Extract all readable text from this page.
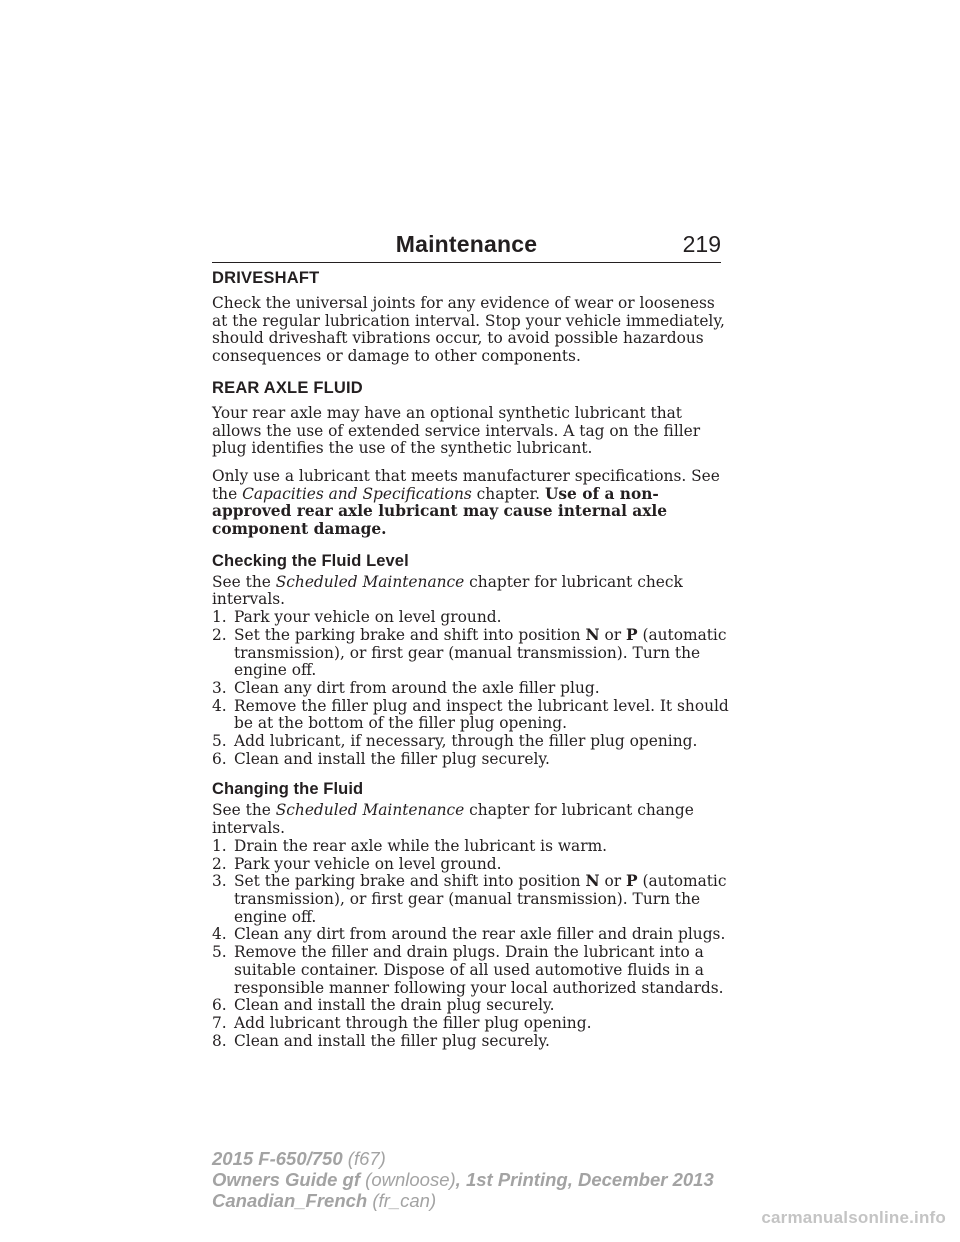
Maintenance	219
DRIVESHAFT

Check the universal joints for any evidence of wear or looseness at the regular lubrication interval. Stop your vehicle immediately, should driveshaft vibrations occur, to avoid possible hazardous consequences or damage to other components.

REAR AXLE FLUID

Your rear axle may have an optional synthetic lubricant that allows the use of extended service intervals. A tag on the filler plug identifies the use of the synthetic lubricant.

Only use a lubricant that meets manufacturer specifications. See the Capacities and Specifications chapter. Use of a non-approved rear axle lubricant may cause internal axle component damage.

Checking the Fluid Level

See the Scheduled Maintenance chapter for lubricant check intervals.

1. Park your vehicle on level ground.
2. Set the parking brake and shift into position N or P (automatic transmission), or first gear (manual transmission). Turn the engine off.
3. Clean any dirt from around the axle filler plug.
4. Remove the filler plug and inspect the lubricant level. It should be at the bottom of the filler plug opening.
5. Add lubricant, if necessary, through the filler plug opening.
6. Clean and install the filler plug securely.
Changing the Fluid

See the Scheduled Maintenance chapter for lubricant change intervals.

1. Drain the rear axle while the lubricant is warm.
2. Park your vehicle on level ground.
3. Set the parking brake and shift into position N or P (automatic transmission), or first gear (manual transmission). Turn the engine off.
4. Clean any dirt from around the rear axle filler and drain plugs.
5. Remove the filler and drain plugs. Drain the lubricant into a suitable container. Dispose of all used automotive fluids in a responsible manner following your local authorized standards.
6. Clean and install the drain plug securely.
7. Add lubricant through the filler plug opening.
8. Clean and install the filler plug securely.
2015 F-650/750 (f67)
Owners Guide gf (ownloose), 1st Printing, December 2013
Canadian_French (fr_can)
carmanualsonline.info
